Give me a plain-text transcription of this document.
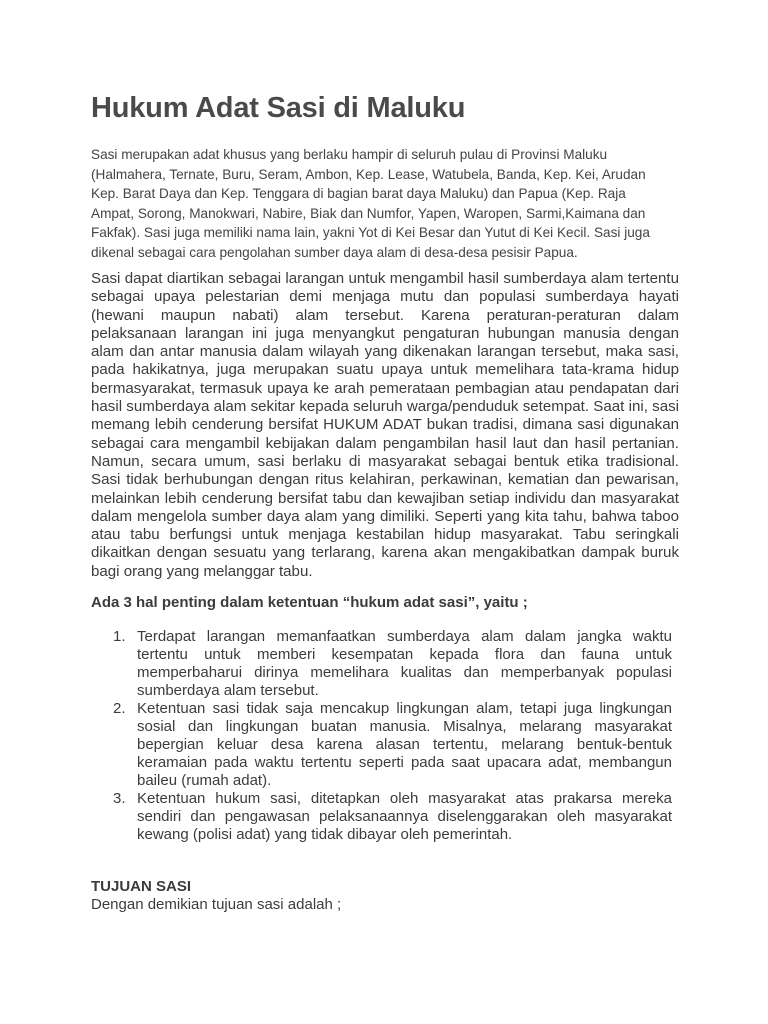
Hukum Adat Sasi di Maluku

Sasi merupakan adat khusus yang berlaku hampir di seluruh pulau di Provinsi Maluku (Halmahera, Ternate, Buru, Seram, Ambon, Kep. Lease, Watubela, Banda, Kep. Kei, Arudan Kep. Barat Daya dan Kep. Tenggara di bagian barat daya Maluku) dan Papua (Kep. Raja Ampat, Sorong, Manokwari, Nabire, Biak dan Numfor, Yapen, Waropen, Sarmi,Kaimana dan Fakfak). Sasi juga memiliki nama lain, yakni Yot di Kei Besar dan Yutut di Kei Kecil. Sasi juga dikenal sebagai cara pengolahan sumber daya alam di desa-desa pesisir Papua.

Sasi dapat diartikan sebagai larangan untuk mengambil hasil sumberdaya alam tertentu sebagai upaya pelestarian demi menjaga mutu dan populasi sumberdaya hayati (hewani maupun nabati) alam tersebut. Karena peraturan-peraturan dalam pelaksanaan larangan ini juga menyangkut pengaturan hubungan manusia dengan alam dan antar manusia dalam wilayah yang dikenakan larangan tersebut, maka sasi, pada hakikatnya, juga merupakan suatu upaya untuk memelihara tata-krama hidup bermasyarakat, termasuk upaya ke arah pemerataan pembagian atau pendapatan dari hasil sumberdaya alam sekitar kepada seluruh warga/penduduk setempat. Saat ini, sasi memang lebih cenderung bersifat HUKUM ADAT bukan tradisi, dimana sasi digunakan sebagai cara mengambil kebijakan dalam pengambilan hasil laut dan hasil pertanian. Namun, secara umum, sasi berlaku di masyarakat sebagai bentuk etika tradisional. Sasi tidak berhubungan dengan ritus kelahiran, perkawinan, kematian dan pewarisan, melainkan lebih cenderung bersifat tabu dan kewajiban setiap individu dan masyarakat dalam mengelola sumber daya alam yang dimiliki. Seperti yang kita tahu, bahwa taboo atau tabu berfungsi untuk menjaga kestabilan hidup masyarakat. Tabu seringkali dikaitkan dengan sesuatu yang terlarang, karena akan mengakibatkan dampak buruk bagi orang yang melanggar tabu.

Ada 3 hal penting dalam ketentuan “hukum adat sasi”, yaitu ;

1. Terdapat larangan memanfaatkan sumberdaya alam dalam jangka waktu tertentu untuk memberi kesempatan kepada flora dan fauna untuk memperbaharui dirinya memelihara kualitas dan memperbanyak populasi sumberdaya alam tersebut.
2. Ketentuan sasi tidak saja mencakup lingkungan alam, tetapi juga lingkungan sosial dan lingkungan buatan manusia. Misalnya, melarang masyarakat bepergian keluar desa karena alasan tertentu, melarang bentuk-bentuk keramaian pada waktu tertentu seperti pada saat upacara adat, membangun baileu (rumah adat).
3. Ketentuan hukum sasi, ditetapkan oleh masyarakat atas prakarsa mereka sendiri dan pengawasan pelaksanaannya diselenggarakan oleh masyarakat kewang (polisi adat) yang tidak dibayar oleh pemerintah.

TUJUAN SASI

Dengan demikian tujuan sasi adalah ;
